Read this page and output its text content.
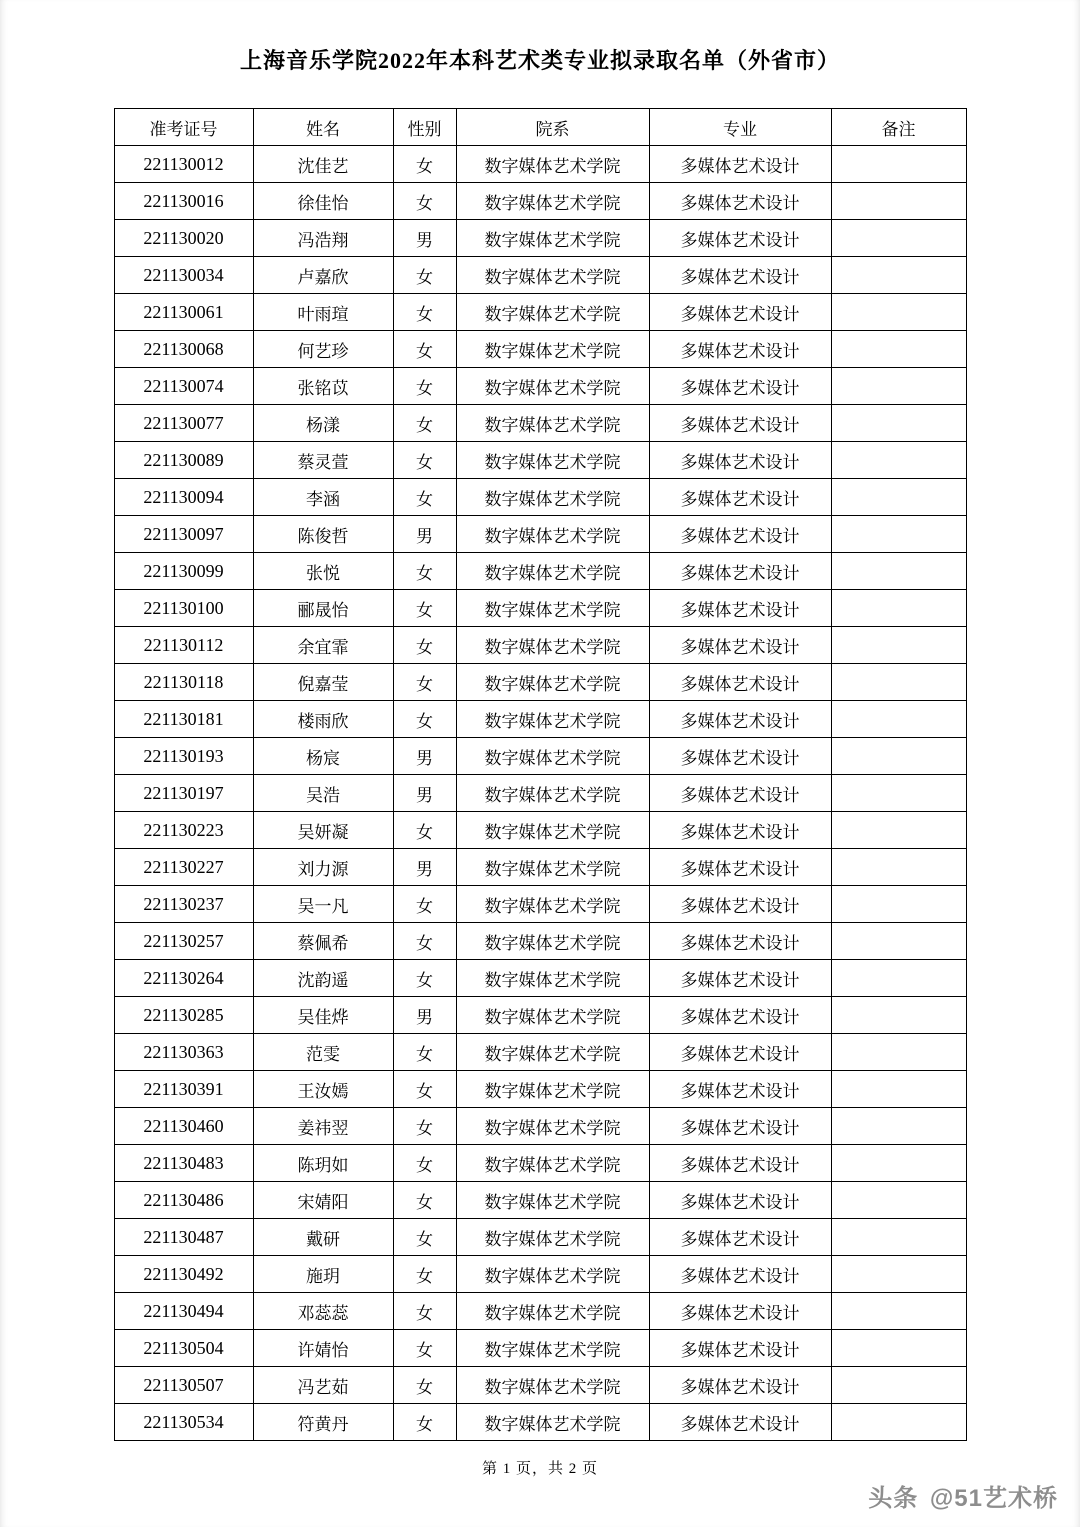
上海音乐学院2022年本科艺术类专业拟录取名单（外省市）
准考证号	姓名	性别	院系	专业	备注
221130012	沈佳艺	女	数字媒体艺术学院	多媒体艺术设计	
221130016	徐佳怡	女	数字媒体艺术学院	多媒体艺术设计	
221130020	冯浩翔	男	数字媒体艺术学院	多媒体艺术设计	
221130034	卢嘉欣	女	数字媒体艺术学院	多媒体艺术设计	
221130061	叶雨瑄	女	数字媒体艺术学院	多媒体艺术设计	
221130068	何艺珍	女	数字媒体艺术学院	多媒体艺术设计	
221130074	张铭苡	女	数字媒体艺术学院	多媒体艺术设计	
221130077	杨漾	女	数字媒体艺术学院	多媒体艺术设计	
221130089	蔡灵萱	女	数字媒体艺术学院	多媒体艺术设计	
221130094	李涵	女	数字媒体艺术学院	多媒体艺术设计	
221130097	陈俊哲	男	数字媒体艺术学院	多媒体艺术设计	
221130099	张悦	女	数字媒体艺术学院	多媒体艺术设计	
221130100	郦晟怡	女	数字媒体艺术学院	多媒体艺术设计	
221130112	余宜霏	女	数字媒体艺术学院	多媒体艺术设计	
221130118	倪嘉莹	女	数字媒体艺术学院	多媒体艺术设计	
221130181	楼雨欣	女	数字媒体艺术学院	多媒体艺术设计	
221130193	杨宸	男	数字媒体艺术学院	多媒体艺术设计	
221130197	吴浩	男	数字媒体艺术学院	多媒体艺术设计	
221130223	吴妍凝	女	数字媒体艺术学院	多媒体艺术设计	
221130227	刘力源	男	数字媒体艺术学院	多媒体艺术设计	
221130237	吴一凡	女	数字媒体艺术学院	多媒体艺术设计	
221130257	蔡佩希	女	数字媒体艺术学院	多媒体艺术设计	
221130264	沈韵遥	女	数字媒体艺术学院	多媒体艺术设计	
221130285	吴佳烨	男	数字媒体艺术学院	多媒体艺术设计	
221130363	范雯	女	数字媒体艺术学院	多媒体艺术设计	
221130391	王汝嫣	女	数字媒体艺术学院	多媒体艺术设计	
221130460	姜祎翌	女	数字媒体艺术学院	多媒体艺术设计	
221130483	陈玥如	女	数字媒体艺术学院	多媒体艺术设计	
221130486	宋婧阳	女	数字媒体艺术学院	多媒体艺术设计	
221130487	戴研	女	数字媒体艺术学院	多媒体艺术设计	
221130492	施玥	女	数字媒体艺术学院	多媒体艺术设计	
221130494	邓蕊蕊	女	数字媒体艺术学院	多媒体艺术设计	
221130504	许婧怡	女	数字媒体艺术学院	多媒体艺术设计	
221130507	冯艺茹	女	数字媒体艺术学院	多媒体艺术设计	
221130534	符黄丹	女	数字媒体艺术学院	多媒体艺术设计	
第 1 页，共 2 页
头条 @51艺术桥
